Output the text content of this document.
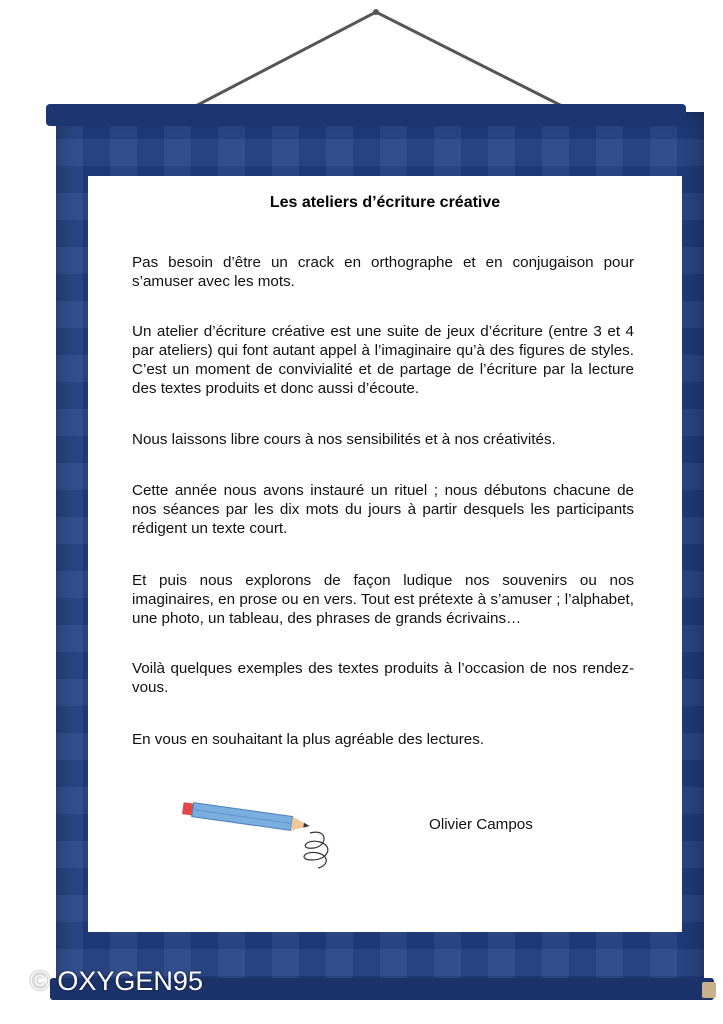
Les ateliers d’écriture créative

Pas besoin d’être un crack en orthographe et en conjugaison pour s’amuser avec les mots.

Un atelier d’écriture créative est une suite de jeux d’écriture (entre 3 et 4 par ateliers) qui font autant appel à l’imaginaire qu’à des figures de styles. C’est un moment de convivialité et de partage de l’écriture par la lecture des textes produits et donc aussi d’écoute.

Nous laissons libre cours à nos sensibilités et à nos créativités.

Cette année nous avons instauré un rituel ; nous débutons chacune de nos séances par les dix mots du jours à partir desquels les participants rédigent un texte court.

Et puis nous explorons de façon ludique nos souvenirs ou nos imaginaires, en prose ou en vers. Tout est prétexte à s’amuser ; l’alphabet, une photo, un tableau, des phrases de grands écrivains…

Voilà quelques exemples des textes produits à l’occasion de nos rendez-vous.

En vous en souhaitant la plus agréable des lectures.

Olivier Campos
© OXYGEN95
